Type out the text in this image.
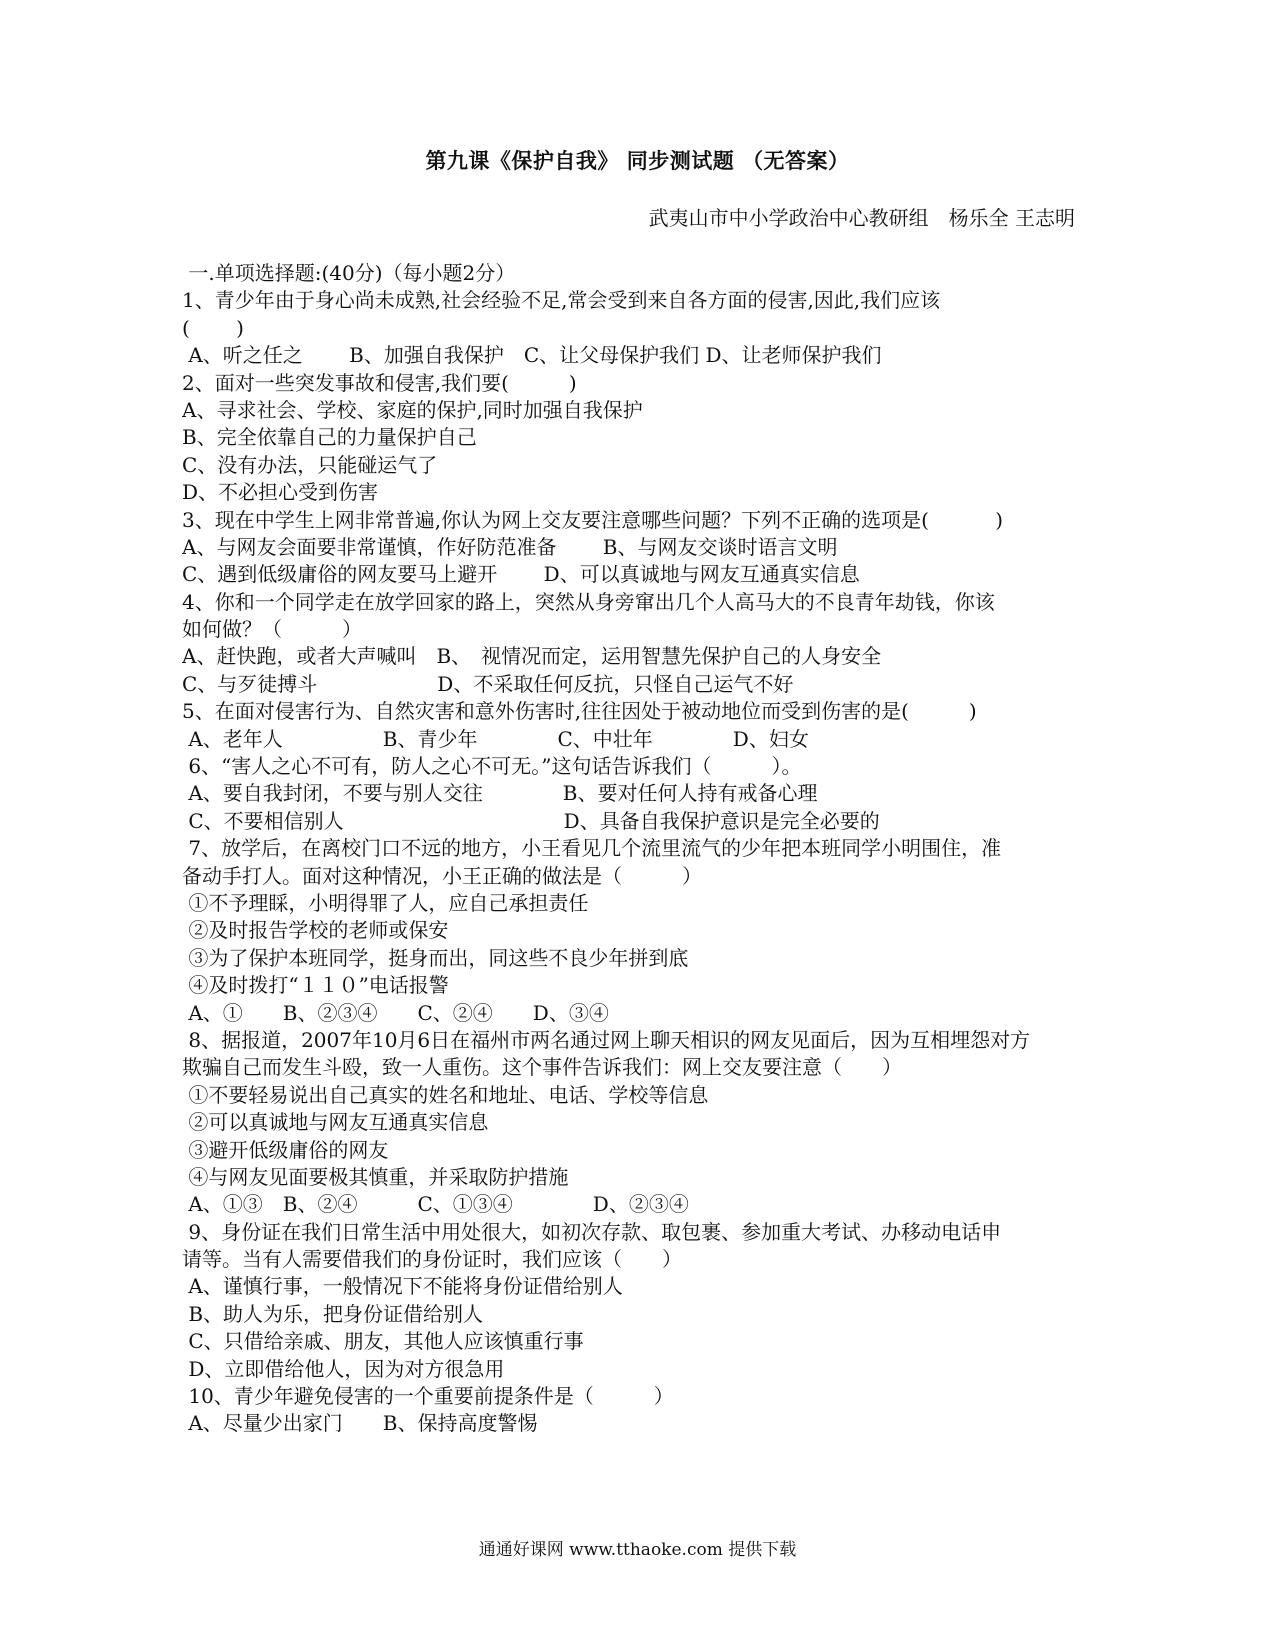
第九课《保护自我》 同步测试题 （无答案）
武夷山市中小学政治中心教研组　杨乐全 王志明
一.单项选择题:(40分)（每小题2分）
1、青少年由于身心尚未成熟,社会经验不足,常会受到来自各方面的侵害,因此,我们应该
(　　 )
A、听之任之　　 B、加强自我保护　C、让父母保护我们 D、让老师保护我们
2、面对一些突发事故和侵害,我们要(　　　)
A、寻求社会、学校、家庭的保护,同时加强自我保护
B、完全依靠自己的力量保护自己
C、没有办法，只能碰运气了
D、不必担心受到伤害
3、现在中学生上网非常普遍,你认为网上交友要注意哪些问题？下列不正确的选项是(　　　 )
A、与网友会面要非常谨慎，作好防范准备　　 B、与网友交谈时语言文明
C、遇到低级庸俗的网友要马上避开　　 D、可以真诚地与网友互通真实信息
4、你和一个同学走在放学回家的路上，突然从身旁窜出几个人高马大的不良青年劫钱，你该
如何做？（　　　）
A、赶快跑，或者大声喊叫　B、　视情况而定，运用智慧先保护自己的人身安全
C、与歹徒搏斗　　　　　　D、不采取任何反抗，只怪自己运气不好
5、在面对侵害行为、自然灾害和意外伤害时,往往因处于被动地位而受到伤害的是(　　　)
A、老年人　　　　　B、青少年　　　　C、中壮年　　　　D、妇女
6、“害人之心不可有，防人之心不可无。”这句话告诉我们（　　　）。
A、要自我封闭，不要与别人交往　　　　B、要对任何人持有戒备心理
C、不要相信别人　　　　　　　　　　　D、具备自我保护意识是完全必要的
7、放学后，在离校门口不远的地方，小王看见几个流里流气的少年把本班同学小明围住，准
备动手打人。面对这种情况，小王正确的做法是（　　　）
①不予理睬，小明得罪了人，应自己承担责任
②及时报告学校的老师或保安
③为了保护本班同学，挺身而出，同这些不良少年拼到底
④及时拨打“１１０”电话报警
A、①　　B、②③④　　C、②④　　D、③④
8、据报道，2007年10月6日在福州市两名通过网上聊天相识的网友见面后，因为互相埋怨对方
欺骗自己而发生斗殴，致一人重伤。这个事件告诉我们：网上交友要注意（　　）
①不要轻易说出自己真实的姓名和地址、电话、学校等信息
②可以真诚地与网友互通真实信息
③避开低级庸俗的网友
④与网友见面要极其慎重，并采取防护措施
A、①③　B、②④　　　C、①③④　　　　D、②③④
9、身份证在我们日常生活中用处很大，如初次存款、取包裹、参加重大考试、办移动电话申
请等。当有人需要借我们的身份证时，我们应该（　　）
A、谨慎行事，一般情况下不能将身份证借给别人
B、助人为乐，把身份证借给别人
C、只借给亲戚、朋友，其他人应该慎重行事
D、立即借给他人，因为对方很急用
10、青少年避免侵害的一个重要前提条件是（　　　）
A、尽量少出家门　　B、保持高度警惕
通通好课网 www.tthaoke.com 提供下载
